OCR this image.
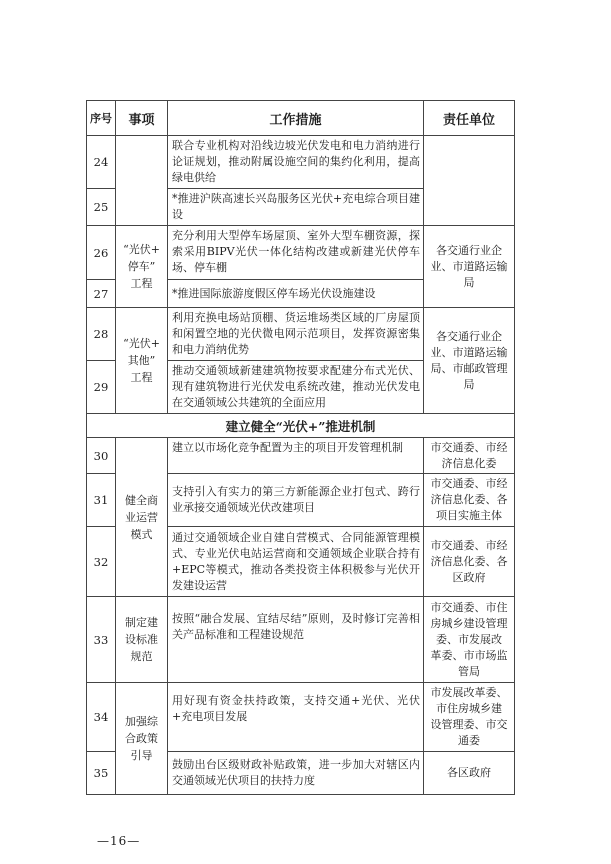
序号	事项	工作措施	责任单位
24		联合专业机构对沿线边坡光伏发电和电力消纳进行论证规划，推动附属设施空间的集约化利用，提高绿电供给	
25		*推进沪陕高速长兴岛服务区光伏+充电综合项目建设	
26	“光伏+
停车”
工程	充分利用大型停车场屋顶、室外大型车棚资源，探索采用BIPV光伏一体化结构改建或新建光伏停车场、停车棚	各交通行业企
业、市道路运输
局

27		*推进国际旅游度假区停车场光伏设施建设	
28	“光伏+
其他”
工程	利用充换电场站顶棚、货运堆场类区域的厂房屋顶和闲置空地的光伏微电网示范项目，发挥资源密集和电力消纳优势	各交通行业企
业、市道路运输
局、市邮政管理
局

29		推动交通领域新建建筑物按要求配建分布式光伏、现有建筑物进行光伏发电系统改建，推动光伏发电在交通领域公共建筑的全面应用	
建立健全“光伏+”推进机制			
30	健全商
业运营
模式	建立以市场化竞争配置为主的项目开发管理机制	市交通委、市经
济信息化委

31		支持引入有实力的第三方新能源企业打包式、跨行业承接交通领域光伏改建项目	市交通委、市经
济信息化委、各
项目实施主体

32		通过交通领域企业自建自营模式、合同能源管理模式、专业光伏电站运营商和交通领域企业联合持有+EPC等模式，推动各类投资主体积极参与光伏开发建设运营	市交通委、市经
济信息化委、各
区政府

33	制定建
设标准
规范	按照“融合发展、宜结尽结”原则，及时修订完善相关产品标准和工程建设规范	市交通委、市住
房城乡建设管理
委、市发展改
革委、市市场监
管局

34	加强综
合政策
引导	用好现有资金扶持政策，支持交通+光伏、光伏+充电项目发展	市发展改革委、
市住房城乡建
设管理委、市交
通委

35		鼓励出台区级财政补贴政策，进一步加大对辖区内交通领域光伏项目的扶持力度	各区政府
—16—
